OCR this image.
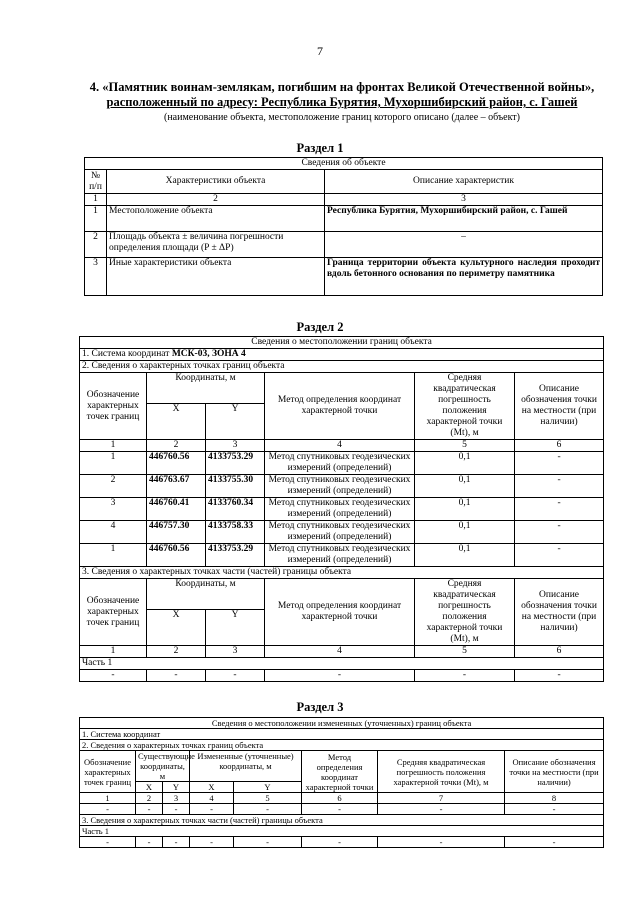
7
4. «Памятник воинам-землякам, погибшим на фронтах Великой Отечественной войны»,
расположенный по адресу: Республика Бурятия, Мухоршибирский район, с. Гашей
(наименование объекта, местоположение границ которого описано (далее – объект)
Раздел 1
Сведения об объекте		
№ п/п	Характеристики объекта	Описание характеристик
1	2	3
1	Местоположение объекта	Республика Бурятия, Мухоршибирский район, с. Гашей
2	Площадь объекта ± величина погрешности определения площади (P ± ΔP)	–
3	Иные характеристики объекта	Граница территории объекта культурного наследия проходит вдоль бетонного основания по периметру памятника
Раздел 2
Сведения о местоположении границ объекта					
1. Система координат МСК-03, ЗОНА 4					
2. Сведения о характерных точках границ объекта					
Обозначение характерных точек границ	Координаты, м		Метод определения координат характерной точки	Средняя квадратическая погрешность положения характерной точки (Mt), м	Описание обозначения точки на местности (при наличии)
	X	Y			
1	2	3	4	5	6
1	446760.56	4133753.29	Метод спутниковых геодезических измерений (определений)	0,1	-
2	446763.67	4133755.30	Метод спутниковых геодезических измерений (определений)	0,1	-
3	446760.41	4133760.34	Метод спутниковых геодезических измерений (определений)	0,1	-
4	446757.30	4133758.33	Метод спутниковых геодезических измерений (определений)	0,1	-
1	446760.56	4133753.29	Метод спутниковых геодезических измерений (определений)	0,1	-
3. Сведения о характерных точках части (частей) границы объекта					
Обозначение характерных точек границ	Координаты, м		Метод определения координат характерной точки	Средняя квадратическая погрешность положения характерной точки (Mt), м	Описание обозначения точки на местности (при наличии)
	X	Y			
1	2	3	4	5	6
Часть 1					
-	-	-	-	-	-
Раздел 3
Сведения о местоположении измененных (уточненных) границ объекта							
1. Система координат							
2. Сведения о характерных точках границ объекта							
Обозначение характерных точек границ	Существующие координаты, м		Измененные (уточненные) координаты, м		Метод определения координат характерной точки	Средняя квадратическая погрешность положения характерной точки (Mt), м	Описание обозначения точки на местности (при наличии)
	X	Y	X	Y			
1	2	3	4	5	6	7	8
-	-	-	-	-	-	-	-
3. Сведения о характерных точках части (частей) границы объекта							
Часть 1							
-	-	-	-	-	-	-	-
